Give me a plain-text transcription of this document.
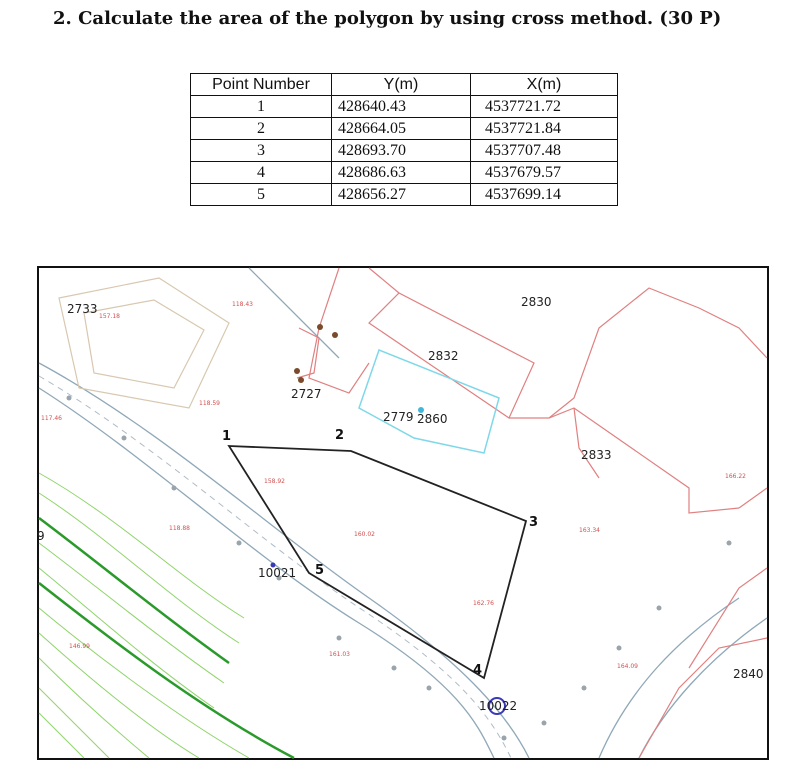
2. Calculate the area of the polygon by using cross method. (30 P)
Point Number	Y(m)	X(m)
1	428640.43	4537721.72
2	428664.05	4537721.84
3	428693.70	4537707.48
4	428686.63	4537679.57
5	428656.27	4537699.14
157.18
118.43
117.46
118.59
158.92
118.88
146.99
160.02
161.03
162.76
163.34
164.09
166.22
2733
2727
2832
2779 2860
2830
2833
2840
10021
10022
9
1	2
3
4
5
